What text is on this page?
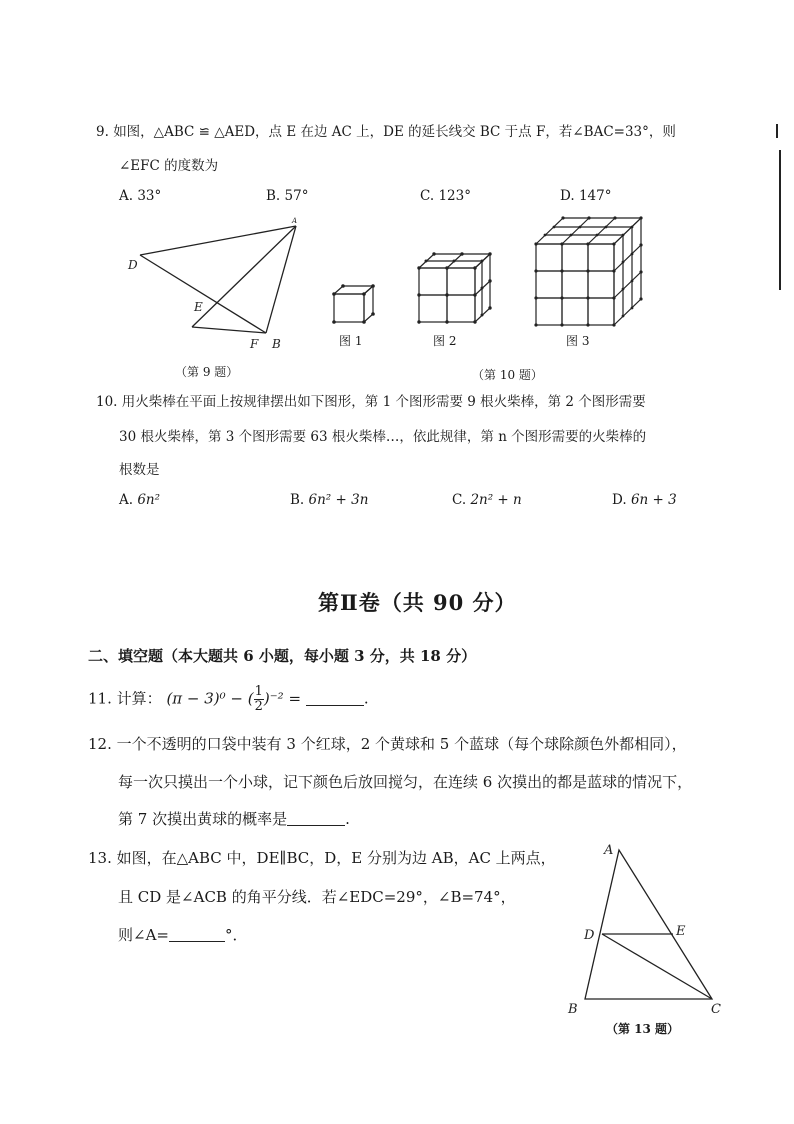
9. 如图，△ABC ≌ △AED，点 E 在边 AC 上，DE 的延长线交 BC 于点 F，若∠BAC=33°，则
∠EFC 的度数为
A. 33°	B. 57°	C. 123°	D. 147°
D
E
F B
A
（第 9 题）
图 1	图 2	图 3
（第 10 题）
10. 用火柴棒在平面上按规律摆出如下图形，第 1 个图形需要 9 根火柴棒，第 2 个图形需要
30 根火柴棒，第 3 个图形需要 63 根火柴棒…，依此规律，第 n 个图形需要的火柴棒的
根数是
A. 6n²	B. 6n² + 3n	C. 2n² + n	D. 6n + 3
第Ⅱ卷（共 90 分）
二、填空题（本大题共 6 小题，每小题 3 分，共 18 分）
11. 计算： (π − 3)⁰ − ( $\frac{1}{2} )^{-2}$ =	.
12. 一个不透明的口袋中装有 3 个红球，2 个黄球和 5 个蓝球（每个球除颜色外都相同），
每一次只摸出一个小球，记下颜色后放回搅匀，在连续 6 次摸出的都是蓝球的情况下，
第 7 次摸出黄球的概率是	.
13. 如图，在△ABC 中，DE∥BC，D，E 分别为边 AB，AC 上两点，
且 CD 是∠ACB 的角平分线．若∠EDC=29°，∠B=74°，
则∠A=	°．
A
D	E
B	C
（第 13 题）
